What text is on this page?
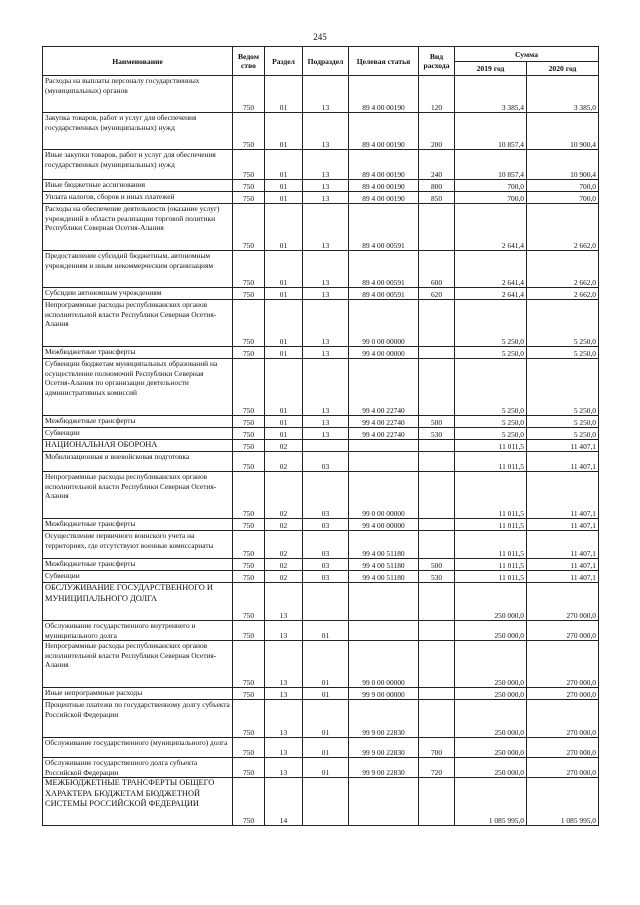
245
Наименование	Ведом ство	Раздел	Подраздел	Целевая статья	Вид расхода	Сумма	
						2019 год	2020 год
Расходы на выплаты персоналу государственных (муниципальных) органов	750	01	13	89 4 00 00190	120	3 385,4	3 385,0
Закупка товаров, работ и услуг для обеспечения государственных (муниципальных) нужд	750	01	13	89 4 00 00190	200	10 857,4	10 900,4
Иные закупки товаров, работ и услуг для обеспечения государственных (муниципальных) нужд	750	01	13	89 4 00 00190	240	10 857,4	10 900,4
Иные бюджетные ассигнования	750	01	13	89 4 00 00190	800	700,0	700,0
Уплата налогов, сборов и иных платежей	750	01	13	89 4 00 00190	850	700,0	700,0
Расходы на обеспечение деятельности (оказание услуг) учреждений в области реализации торговой политики Республики Северная Осетия-Алания	750	01	13	89 4 00 00591		2 641,4	2 662,0
Предоставление субсидий бюджетным, автономным учреждениям и иным некоммерческим организациям	750	01	13	89 4 00 00591	600	2 641,4	2 662,0
Субсидии автономным учреждениям	750	01	13	89 4 00 00591	620	2 641,4	2 662,0
Непрограммные расходы республиканских органов исполнительной власти Республики Северная Осетия-Алания	750	01	13	99 0 00 00000		5 250,0	5 250,0
Межбюджетные трансферты	750	01	13	99 4 00 00000		5 250,0	5 250,0
Субвенции бюджетам муниципальных образований на осуществление полномочий Республики Северная Осетия-Алания по организации деятельности административных комиссий	750	01	13	99 4 00 22740		5 250,0	5 250,0
Межбюджетные трансферты	750	01	13	99 4 00 22740	500	5 250,0	5 250,0
Субвенции	750	01	13	99 4 00 22740	530	5 250,0	5 250,0
НАЦИОНАЛЬНАЯ ОБОРОНА	750	02				11 011,5	11 407,1
Мобилизационная и вневойсковая подготовка	750	02	03			11 011,5	11 407,1
Непрограммные расходы республиканских органов исполнительной власти Республики Северная Осетия-Алания	750	02	03	99 0 00 00000		11 011,5	11 407,1
Межбюджетные трансферты	750	02	03	99 4 00 00000		11 011,5	11 407,1
Осуществление первичного воинского учета на территориях, где отсутствуют военные комиссариаты	750	02	03	99 4 00 51180		11 011,5	11 407,1
Межбюджетные трансферты	750	02	03	99 4 00 51180	500	11 011,5	11 407,1
Субвенции	750	02	03	99 4 00 51180	530	11 011,5	11 407,1
ОБСЛУЖИВАНИЕ ГОСУДАРСТВЕННОГО И МУНИЦИПАЛЬНОГО ДОЛГА	750	13				250 000,0	270 000,0
Обслуживание государственного внутреннего и муниципального долга	750	13	01			250 000,0	270 000,0
Непрограммные расходы республиканских органов исполнительной власти Республики Северная Осетия-Алания	750	13	01	99 0 00 00000		250 000,0	270 000,0
Иные непрограммные расходы	750	13	01	99 9 00 00000		250 000,0	270 000,0
Процентные платежи по государственному долгу субъекта Российской Федерации	750	13	01	99 9 00 22830		250 000,0	270 000,0
Обслуживание государственного (муниципального) долга	750	13	01	99 9 00 22830	700	250 000,0	270 000,0
Обслуживание государственного долга субъекта Российской Федерации	750	13	01	99 9 00 22830	720	250 000,0	270 000,0
МЕЖБЮДЖЕТНЫЕ ТРАНСФЕРТЫ ОБЩЕГО ХАРАКТЕРА БЮДЖЕТАМ БЮДЖЕТНОЙ СИСТЕМЫ РОССИЙСКОЙ ФЕДЕРАЦИИ	750	14				1 085 995,0	1 085 995,0
